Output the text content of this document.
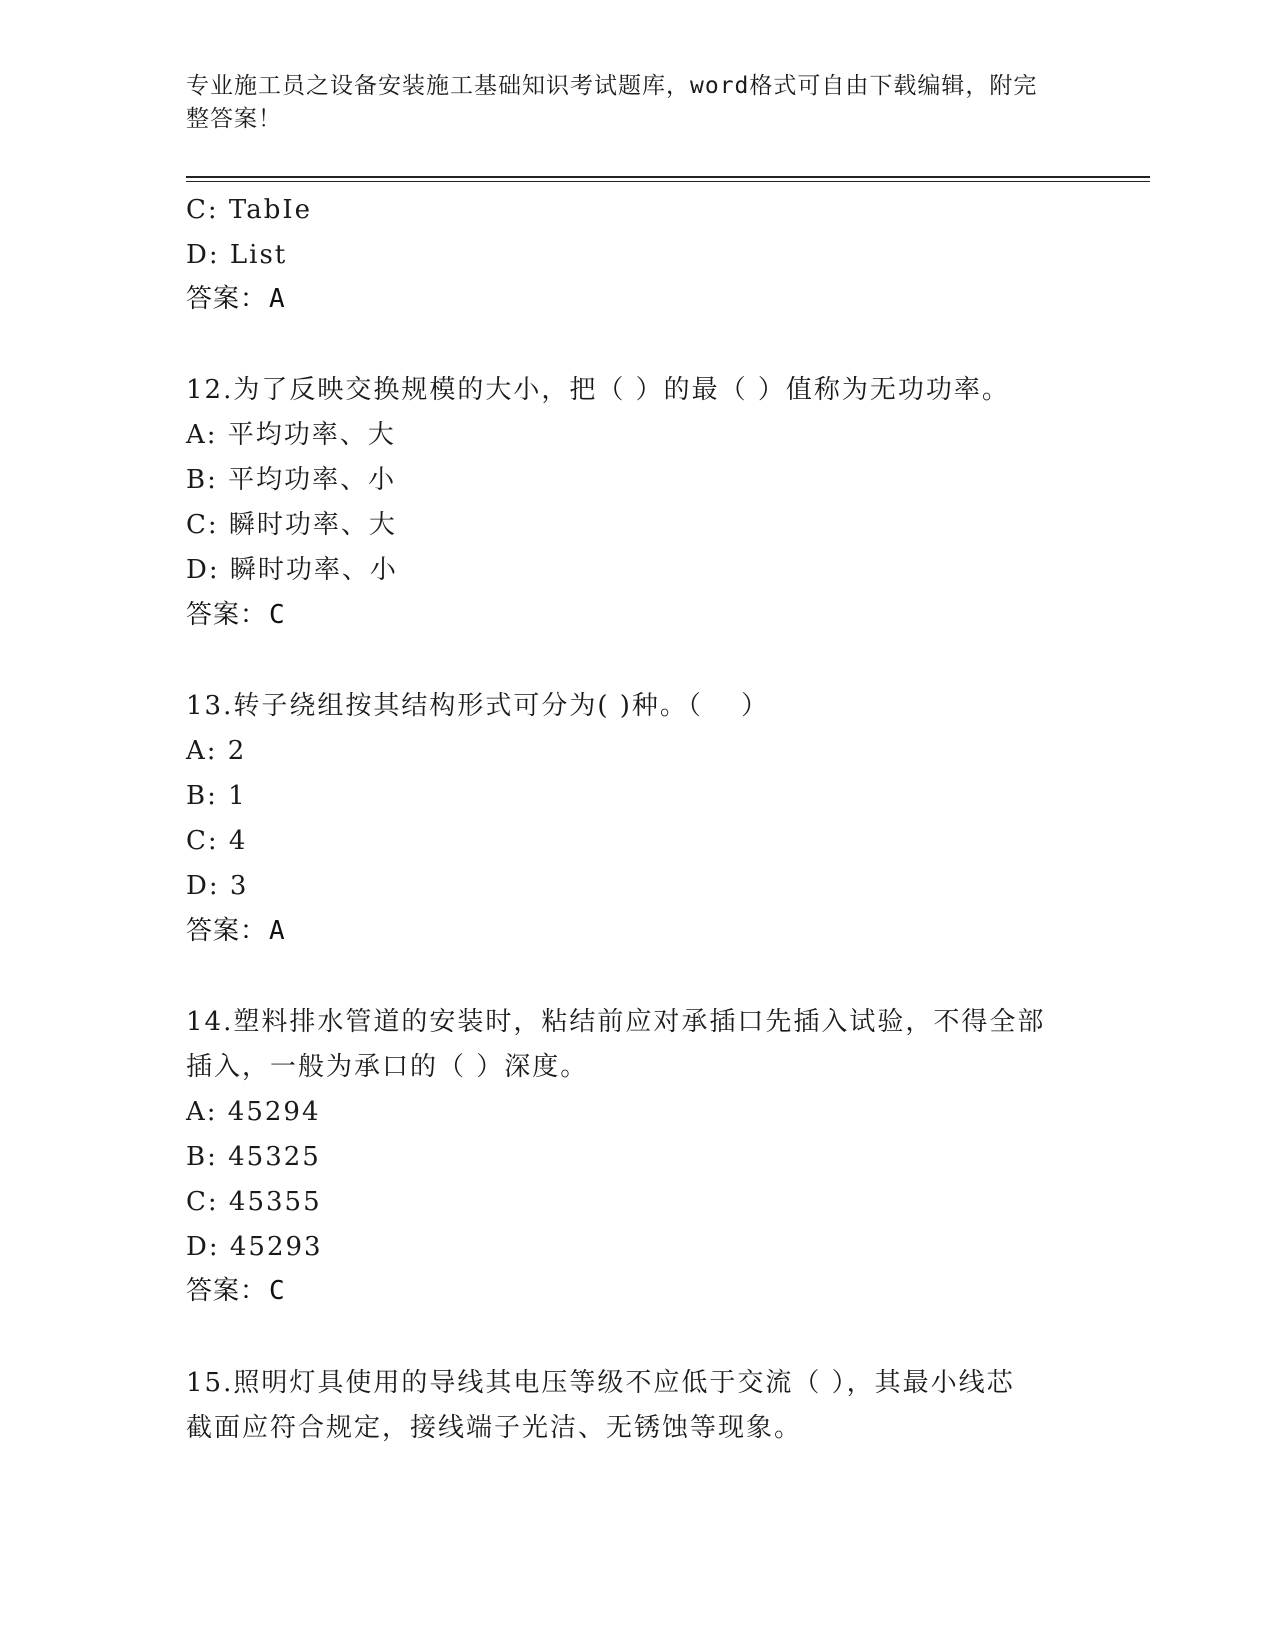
专业施工员之设备安装施工基础知识考试题库，word格式可自由下载编辑，附完
整答案！
C: TabIe
D: List
答案：A
12.为了反映交换规模的大小，把（ ）的最（ ）值称为无功功率。
A: 平均功率、大
B: 平均功率、小
C: 瞬时功率、大
D: 瞬时功率、小
答案：C
13.转子绕组按其结构形式可分为( )种。（　 ）
A: 2
B: 1
C: 4
D: 3
答案：A
14.塑料排水管道的安装时，粘结前应对承插口先插入试验，不得全部
插入，一般为承口的（ ）深度。
A: 45294
B: 45325
C: 45355
D: 45293
答案：C
15.照明灯具使用的导线其电压等级不应低于交流（ ），其最小线芯
截面应符合规定，接线端子光洁、无锈蚀等现象。
